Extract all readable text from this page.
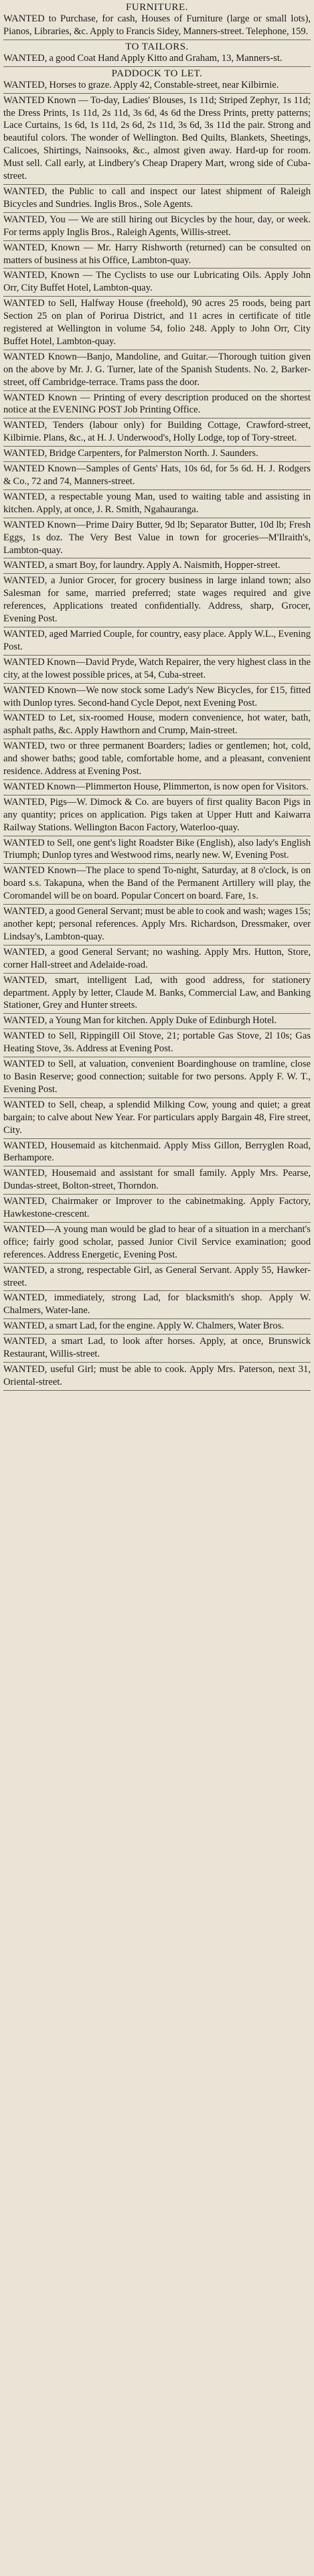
FURNITURE.

WANTED to Purchase, for cash, Houses of Furniture (large or small lots), Pianos, Libraries, &c. Apply to Francis Sidey, Manners-street. Telephone, 159.

TO TAILORS.

WANTED, a good Coat Hand Apply Kitto and Graham, 13, Manners-st.

PADDOCK TO LET.

WANTED, Horses to graze. Apply 42, Constable-street, near Kilbirnie.

WANTED Known — To-day, Ladies' Blouses, 1s 11d; Striped Zephyr, 1s 11d; the Dress Prints, 1s 11d, 2s 11d, 3s 6d, 4s 6d the Dress Prints, pretty patterns; Lace Curtains, 1s 6d, 1s 11d, 2s 6d, 2s 11d, 3s 6d, 3s 11d the pair. Strong and beautiful colors. The wonder of Wellington. Bed Quilts, Blankets, Sheetings, Calicoes, Shirtings, Nainsooks, &c., almost given away. Hard-up for room. Must sell. Call early, at Lindbery's Cheap Drapery Mart, wrong side of Cuba-street.

WANTED, the Public to call and inspect our latest shipment of Raleigh Bicycles and Sundries. Inglis Bros., Sole Agents.

WANTED, You — We are still hiring out Bicycles by the hour, day, or week. For terms apply Inglis Bros., Raleigh Agents, Willis-street.

WANTED, Known — Mr. Harry Rishworth (returned) can be consulted on matters of business at his Office, Lambton-quay.

WANTED, Known — The Cyclists to use our Lubricating Oils. Apply John Orr, City Buffet Hotel, Lambton-quay.

WANTED to Sell, Halfway House (freehold), 90 acres 25 roods, being part Section 25 on plan of Porirua District, and 11 acres in certificate of title registered at Wellington in volume 54, folio 248. Apply to John Orr, City Buffet Hotel, Lambton-quay.

WANTED Known—Banjo, Mandoline, and Guitar.—Thorough tuition given on the above by Mr. J. G. Turner, late of the Spanish Students. No. 2, Barker-street, off Cambridge-terrace. Trams pass the door.

WANTED Known — Printing of every description produced on the shortest notice at the EVENING POST Job Printing Office.

WANTED, Tenders (labour only) for Building Cottage, Crawford-street, Kilbirnie. Plans, &c., at H. J. Underwood's, Holly Lodge, top of Tory-street.

WANTED, Bridge Carpenters, for Palmerston North. J. Saunders.

WANTED Known—Samples of Gents' Hats, 10s 6d, for 5s 6d. H. J. Rodgers & Co., 72 and 74, Manners-street.

WANTED, a respectable young Man, used to waiting table and assisting in kitchen. Apply, at once, J. R. Smith, Ngahauranga.

WANTED Known—Prime Dairy Butter, 9d lb; Separator Butter, 10d lb; Fresh Eggs, 1s doz. The Very Best Value in town for groceries—M'Ilraith's, Lambton-quay.

WANTED, a smart Boy, for laundry. Apply A. Naismith, Hopper-street.

WANTED, a Junior Grocer, for grocery business in large inland town; also Salesman for same, married preferred; state wages required and give references, Applications treated confidentially. Address, sharp, Grocer, Evening Post.

WANTED, aged Married Couple, for country, easy place. Apply W.L., Evening Post.

WANTED Known—David Pryde, Watch Repairer, the very highest class in the city, at the lowest possible prices, at 54, Cuba-street.

WANTED Known—We now stock some Lady's New Bicycles, for £15, fitted with Dunlop tyres. Second-hand Cycle Depot, next Evening Post.

WANTED to Let, six-roomed House, modern convenience, hot water, bath, asphalt paths, &c. Apply Hawthorn and Crump, Main-street.

WANTED, two or three permanent Boarders; ladies or gentlemen; hot, cold, and shower baths; good table, comfortable home, and a pleasant, convenient residence. Address at Evening Post.

WANTED Known—Plimmerton House, Plimmerton, is now open for Visitors.

WANTED, Pigs—W. Dimock & Co. are buyers of first quality Bacon Pigs in any quantity; prices on application. Pigs taken at Upper Hutt and Kaiwarra Railway Stations. Wellington Bacon Factory, Waterloo-quay.

WANTED to Sell, one gent's light Roadster Bike (English), also lady's English Triumph; Dunlop tyres and Westwood rims, nearly new. W, Evening Post.

WANTED Known—The place to spend To-night, Saturday, at 8 o'clock, is on board s.s. Takapuna, when the Band of the Permanent Artillery will play, the Coromandel will be on board. Popular Concert on board. Fare, 1s.

WANTED, a good General Servant; must be able to cook and wash; wages 15s; another kept; personal references. Apply Mrs. Richardson, Dressmaker, over Lindsay's, Lambton-quay.

WANTED, a good General Servant; no washing. Apply Mrs. Hutton, Store, corner Hall-street and Adelaide-road.

WANTED, smart, intelligent Lad, with good address, for stationery department. Apply by letter, Claude M. Banks, Commercial Law, and Banking Stationer, Grey and Hunter streets.

WANTED, a Young Man for kitchen. Apply Duke of Edinburgh Hotel.

WANTED to Sell, Rippingill Oil Stove, 21; portable Gas Stove, 2l 10s; Gas Heating Stove, 3s. Address at Evening Post.

WANTED to Sell, at valuation, convenient Boardinghouse on tramline, close to Basin Reserve; good connection; suitable for two persons. Apply F. W. T., Evening Post.

WANTED to Sell, cheap, a splendid Milking Cow, young and quiet; a great bargain; to calve about New Year. For particulars apply Bargain 48, Fire street, City.

WANTED, Housemaid as kitchenmaid. Apply Miss Gillon, Berryglen Road, Berhampore.

WANTED, Housemaid and assistant for small family. Apply Mrs. Pearse, Dundas-street, Bolton-street, Thorndon.

WANTED, Chairmaker or Improver to the cabinetmaking. Apply Factory, Hawkestone-crescent.

WANTED—A young man would be glad to hear of a situation in a merchant's office; fairly good scholar, passed Junior Civil Service examination; good references. Address Energetic, Evening Post.

WANTED, a strong, respectable Girl, as General Servant. Apply 55, Hawker-street.

WANTED, immediately, strong Lad, for blacksmith's shop. Apply W. Chalmers, Water-lane.

WANTED, a smart Lad, for the engine. Apply W. Chalmers, Water Bros.

WANTED, a smart Lad, to look after horses. Apply, at once, Brunswick Restaurant, Willis-street.

WANTED, useful Girl; must be able to cook. Apply Mrs. Paterson, next 31, Oriental-street.
